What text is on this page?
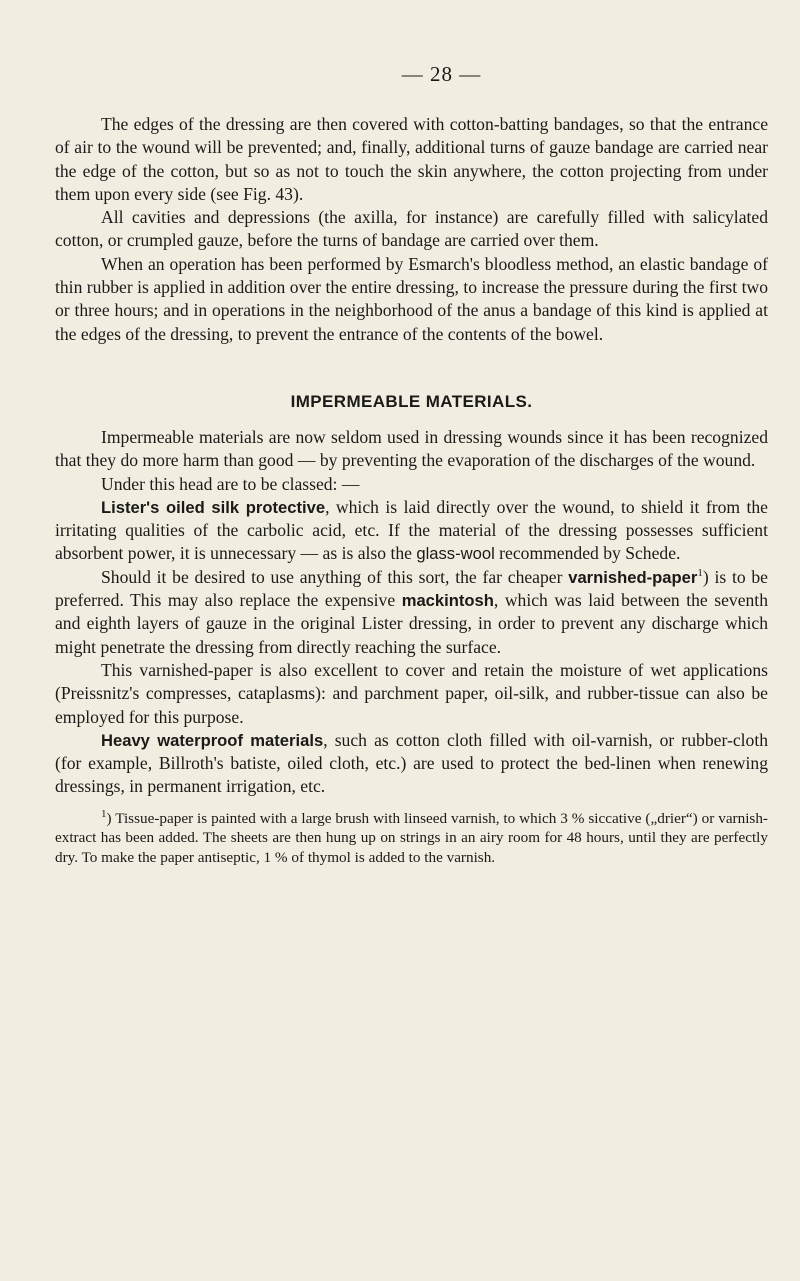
— 28 —

The edges of the dressing are then covered with cotton-batting bandages, so that the entrance of air to the wound will be prevented; and, finally, additional turns of gauze bandage are carried near the edge of the cotton, but so as not to touch the skin anywhere, the cotton projecting from under them upon every side (see Fig. 43).

All cavities and depressions (the axilla, for instance) are carefully filled with salicylated cotton, or crumpled gauze, before the turns of bandage are carried over them.

When an operation has been performed by Esmarch's bloodless method, an elastic bandage of thin rubber is applied in addition over the entire dressing, to increase the pressure during the first two or three hours; and in operations in the neighborhood of the anus a bandage of this kind is applied at the edges of the dressing, to prevent the entrance of the contents of the bowel.

IMPERMEABLE MATERIALS.

Impermeable materials are now seldom used in dressing wounds since it has been recognized that they do more harm than good — by preventing the evaporation of the discharges of the wound.

Under this head are to be classed: —

Lister's oiled silk protective, which is laid directly over the wound, to shield it from the irritating qualities of the carbolic acid, etc. If the material of the dressing possesses sufficient absorbent power, it is unnecessary — as is also the glass-wool recommended by Schede.

Should it be desired to use anything of this sort, the far cheaper varnished-paper$^1$) is to be preferred. This may also replace the expensive mackintosh, which was laid between the seventh and eighth layers of gauze in the original Lister dressing, in order to prevent any discharge which might penetrate the dressing from directly reaching the surface.

This varnished-paper is also excellent to cover and retain the moisture of wet applications (Preissnitz's compresses, cataplasms): and parchment paper, oil-silk, and rubber-tissue can also be employed for this purpose.

Heavy waterproof materials, such as cotton cloth filled with oil-varnish, or rubber-cloth (for example, Billroth's batiste, oiled cloth, etc.) are used to protect the bed-linen when renewing dressings, in permanent irrigation, etc.

$^1$) Tissue-paper is painted with a large brush with linseed varnish, to which 3 % siccative („drier“) or varnish-extract has been added. The sheets are then hung up on strings in an airy room for 48 hours, until they are perfectly dry. To make the paper antiseptic, 1 % of thymol is added to the varnish.
